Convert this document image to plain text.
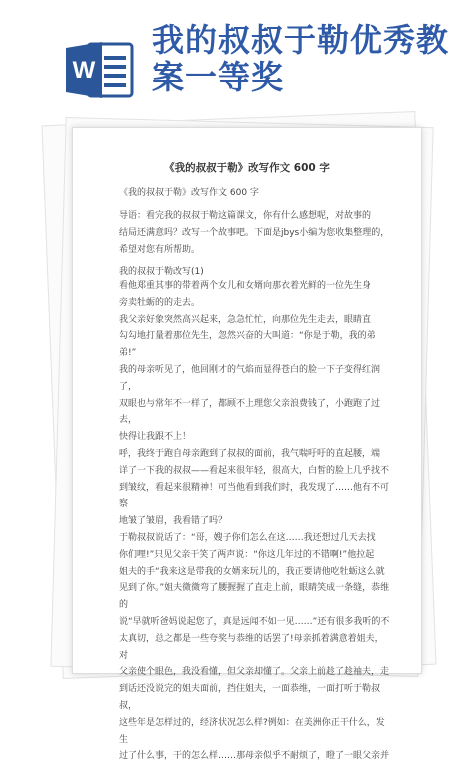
W
我的叔叔于勒优秀教案一等奖
《我的叔叔于勒》改写作文 600 字
《我的叔叔于勒》改写作文 600 字
导语：看完我的叔叔于勒这篇课文，你有什么感想呢，对故事的
结局还满意吗？改写一个故事吧。下面是jbys小编为您收集整理的，
希望对您有所帮助。
我的叔叔于勒改写(1)
看他郑重其事的带着两个女儿和女婿向那衣着光鲜的一位先生身
旁卖牡蛎的的走去。
我父亲好象突然高兴起来，急急忙忙，向那位先生走去，眼睛直
勾勾地打量着那位先生，忽然兴奋的大叫道：“你是于勒，我的弟弟!”
我的母亲听见了，他回刚才的气焰而显得苍白的脸一下子变得红润了，
双眼也与常年不一样了，都顾不上理您父亲浪费钱了，小跑跑了过去，
快得让我跟不上！
呼，我终于跑自母亲跑到了叔叔的面前，我气喘吁吁的直起腰，端
详了一下我的叔叔——看起来很年轻，很高大，白皙的脸上几乎找不
到皱纹，看起来很精神！可当他看到我们时，我发现了……他有不可察
地皱了皱眉，我看错了吗？
于勒叔叔说话了：“哥，嫂子你们怎么在这……我还想过几天去找
你们哩!”只见父亲干笑了两声说：“你这几年过的不错啊!”他拉起
姐夫的手“我来这是带我的女婿来玩儿的，我正要请他吃牡蛎这么就
见到了你。”姐夫微微弯了腰握握了直走上前，眼睛笑成一条缝，恭维的
说“早就听爸妈说起您了，真是远闻不如一见……”还有很多我听的不
太真切，总之都是一些夸奖与恭维的话罢了!母亲抓着满意着姐夫，对
父亲使个眼色，我没看懂，但父亲却懂了。父亲上前趁了趁袖夫，走
到话还没说完的姐夫面前，挡住姐夫，一面恭维，一面打听于勒叔叔，
这些年是怎样过的，经济状况怎么样?例如：在美洲你正干什么，发生
过了什么事，干的怎么样……那母亲似乎不耐烦了，瞪了一眼父亲并
